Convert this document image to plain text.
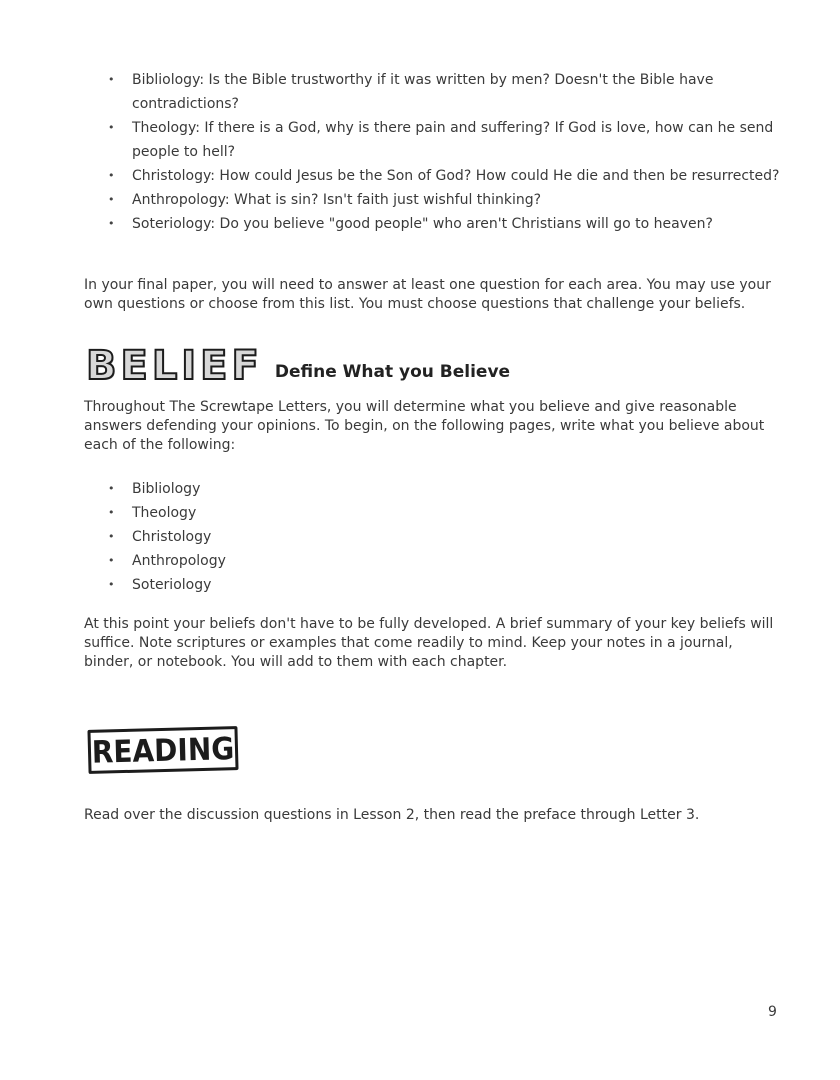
• Bibliology: Is the Bible trustworthy if it was written by men? Doesn't the Bible have contradictions?
• Theology: If there is a God, why is there pain and suffering? If God is love, how can he send people to hell?
• Christology: How could Jesus be the Son of God? How could He die and then be resurrected?
• Anthropology: What is sin? Isn't faith just wishful thinking?
• Soteriology: Do you believe "good people" who aren't Christians will go to heaven?

In your final paper, you will need to answer at least one question for each area. You may use your own questions or choose from this list. You must choose questions that challenge your beliefs.

BELIEF Define What you Believe

Throughout The Screwtape Letters, you will determine what you believe and give reasonable answers defending your opinions. To begin, on the following pages, write what you believe about each of the following:

• Bibliology
• Theology
• Christology
• Anthropology
• Soteriology

At this point your beliefs don't have to be fully developed. A brief summary of your key beliefs will suffice. Note scriptures or examples that come readily to mind. Keep your notes in a journal, binder, or notebook. You will add to them with each chapter.

READING

Read over the discussion questions in Lesson 2, then read the preface through Letter 3.

9
